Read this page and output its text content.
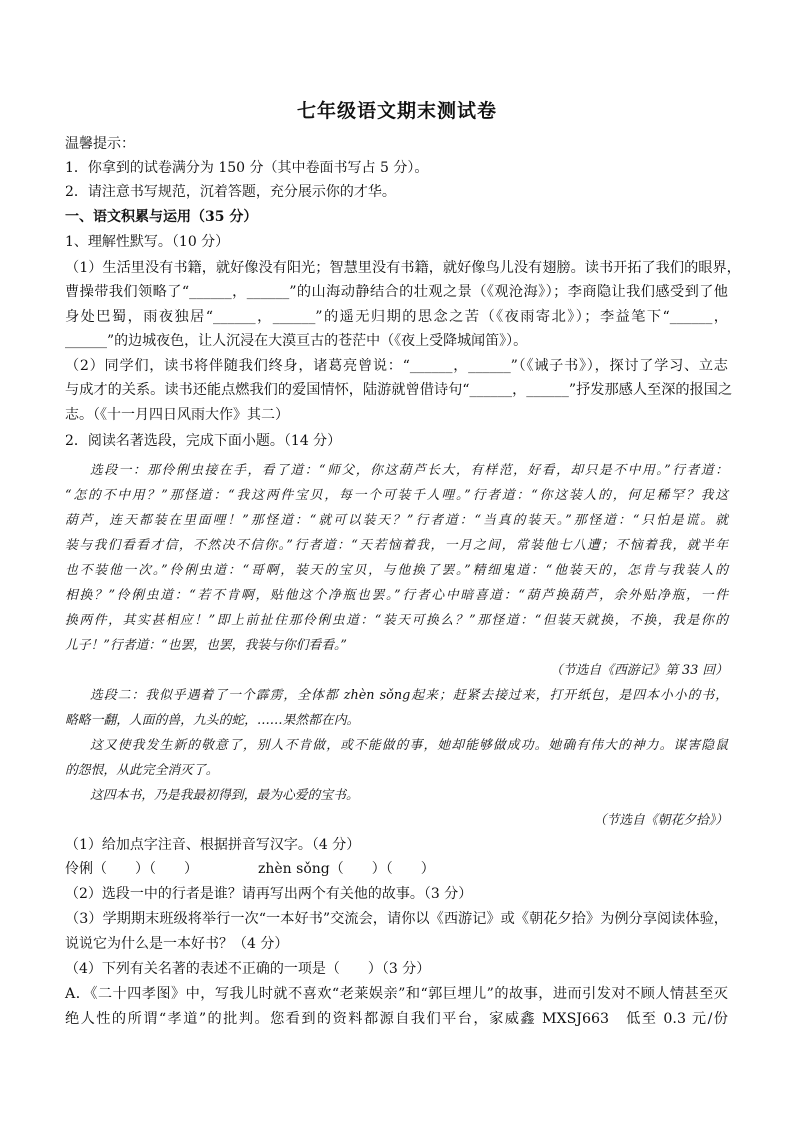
七年级语文期末测试卷
温馨提示：
1．你拿到的试卷满分为 150 分（其中卷面书写占 5 分）。
2．请注意书写规范，沉着答题，充分展示你的才华。
一、语文积累与运用（35 分）
1、理解性默写。（10 分）
（1）生活里没有书籍，就好像没有阳光；智慧里没有书籍，就好像鸟儿没有翅膀。读书开拓了我们的眼界，
曹操带我们领略了“______，______”的山海动静结合的壮观之景（《观沧海》）；李商隐让我们感受到了他
身处巴蜀，雨夜独居“______，______”的遥无归期的思念之苦（《夜雨寄北》）；李益笔下“______，
______”的边城夜色，让人沉浸在大漠亘古的苍茫中（《夜上受降城闻笛》）。
（2）同学们，读书将伴随我们终身，诸葛亮曾说：“______，______”（《诫子书》），探讨了学习、立志
与成才的关系。读书还能点燃我们的爱国情怀，陆游就曾借诗句“______，______”抒发那感人至深的报国之
志。（《十一月四日风雨大作》其二）
2．阅读名著选段，完成下面小题。（14 分）
选段一：那伶俐虫接在手，看了道：“师父，你这葫芦长大，有样范，好看，却只是不中用。”行者道：
“怎的不中用？”那怪道：“我这两件宝贝，每一个可装千人哩。”行者道：“你这装人的，何足稀罕？我这
葫芦，连天都装在里面哩！”那怪道：“就可以装天？”行者道：“当真的装天。”那怪道：“只怕是谎。就
装与我们看看才信，不然决不信你。”行者道：“天若恼着我，一月之间，常装他七八遭；不恼着我，就半年
也不装他一次。”伶俐虫道：“哥啊，装天的宝贝，与他换了罢。”精细鬼道：“他装天的，怎肯与我装人的
相换？”伶俐虫道：“若不肯啊，贴他这个净瓶也罢。”行者心中暗喜道：“葫芦换葫芦，余外贴净瓶，一件
换两件，其实甚相应！”即上前扯住那伶俐虫道：“装天可换么？”那怪道：“但装天就换，不换，我是你的
儿子！”行者道：“也罢，也罢，我装与你们看看。”
（节选自《西游记》第 33 回）
选段二：我似乎遇着了一个霹雳，全体都 zhèn sǒng起来；赶紧去接过来，打开纸包，是四本小小的书，
略略一翻，人面的兽，九头的蛇，……果然都在内。
这又使我发生新的敬意了，别人不肯做，或不能做的事，她却能够做成功。她确有伟大的神力。谋害隐鼠
的怨恨，从此完全消灭了。
这四本书，乃是我最初得到，最为心爱的宝书。
（节选自《朝花夕拾》）
（1）给加点字注音、根据拼音写汉字。（4 分）
伶俐（　　）（　　）	zhèn sǒng（　　）（　　）
（2）选段一中的行者是谁？请再写出两个有关他的故事。（3 分）
（3）学期期末班级将举行一次“一本好书”交流会，请你以《西游记》或《朝花夕拾》为例分享阅读体验，
说说它为什么是一本好书？（4 分）
（4）下列有关名著的表述不正确的一项是（　　）（3 分）
A．《二十四孝图》中，写我儿时就不喜欢“老莱娱亲”和“郭巨埋儿”的故事，进而引发对不顾人情甚至灭
绝人性的所谓“孝道”的批判。您看到的资料都源自我们平台，家威鑫 MXSJ663　低至 0.3 元/份
